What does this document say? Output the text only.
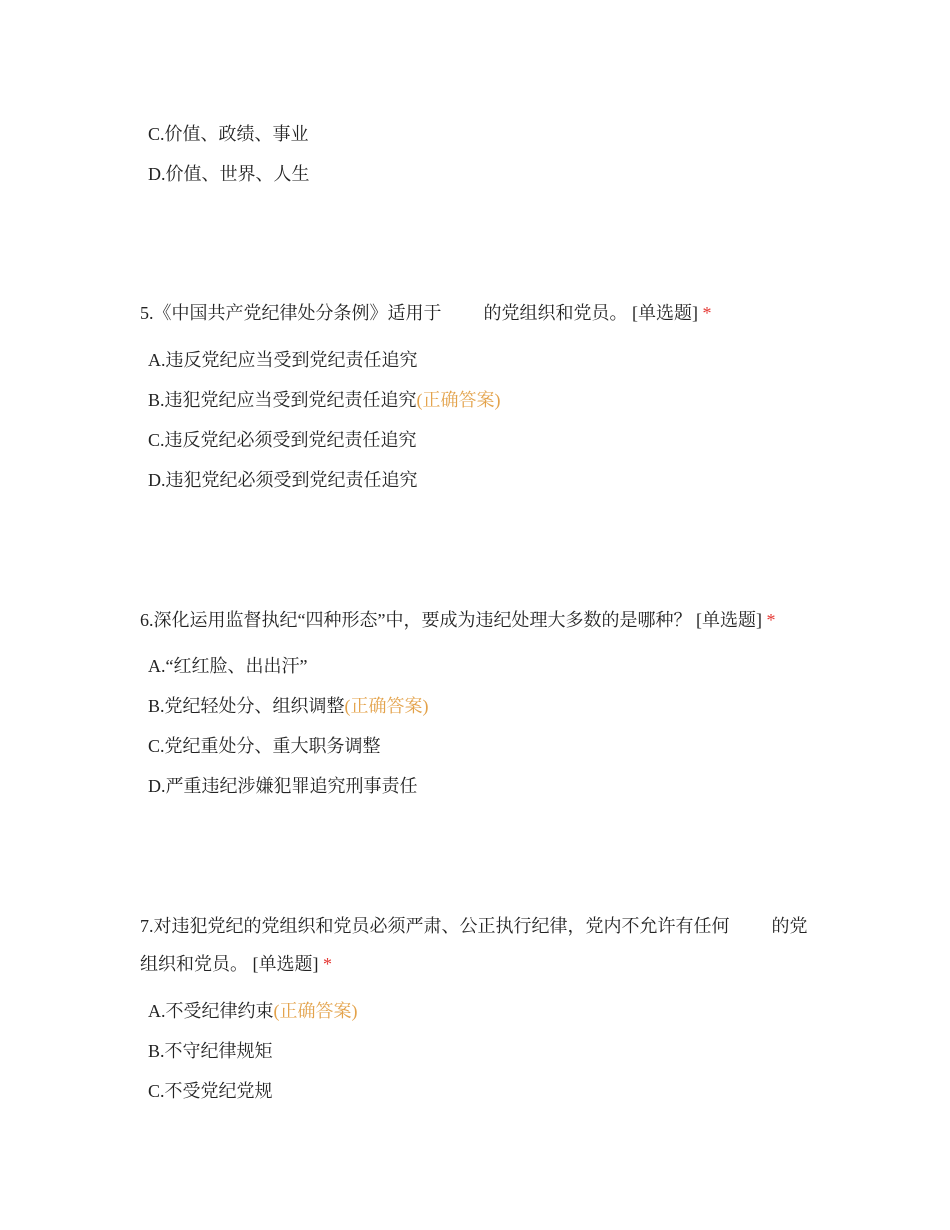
C.价值、政绩、事业
D.价值、世界、人生
5.《中国共产党纪律处分条例》适用于 的党组织和党员。 [单选题] *
A.违反党纪应当受到党纪责任追究
B.违犯党纪应当受到党纪责任追究(正确答案)
C.违反党纪必须受到党纪责任追究
D.违犯党纪必须受到党纪责任追究
6.深化运用监督执纪“四种形态”中，要成为违纪处理大多数的是哪种？ [单选题] *
A.“红红脸、出出汗”
B.党纪轻处分、组织调整(正确答案)
C.党纪重处分、重大职务调整
D.严重违纪涉嫌犯罪追究刑事责任
7.对违犯党纪的党组织和党员必须严肃、公正执行纪律，党内不允许有任何 的党组织和党员。 [单选题] *
A.不受纪律约束(正确答案)
B.不守纪律规矩
C.不受党纪党规
